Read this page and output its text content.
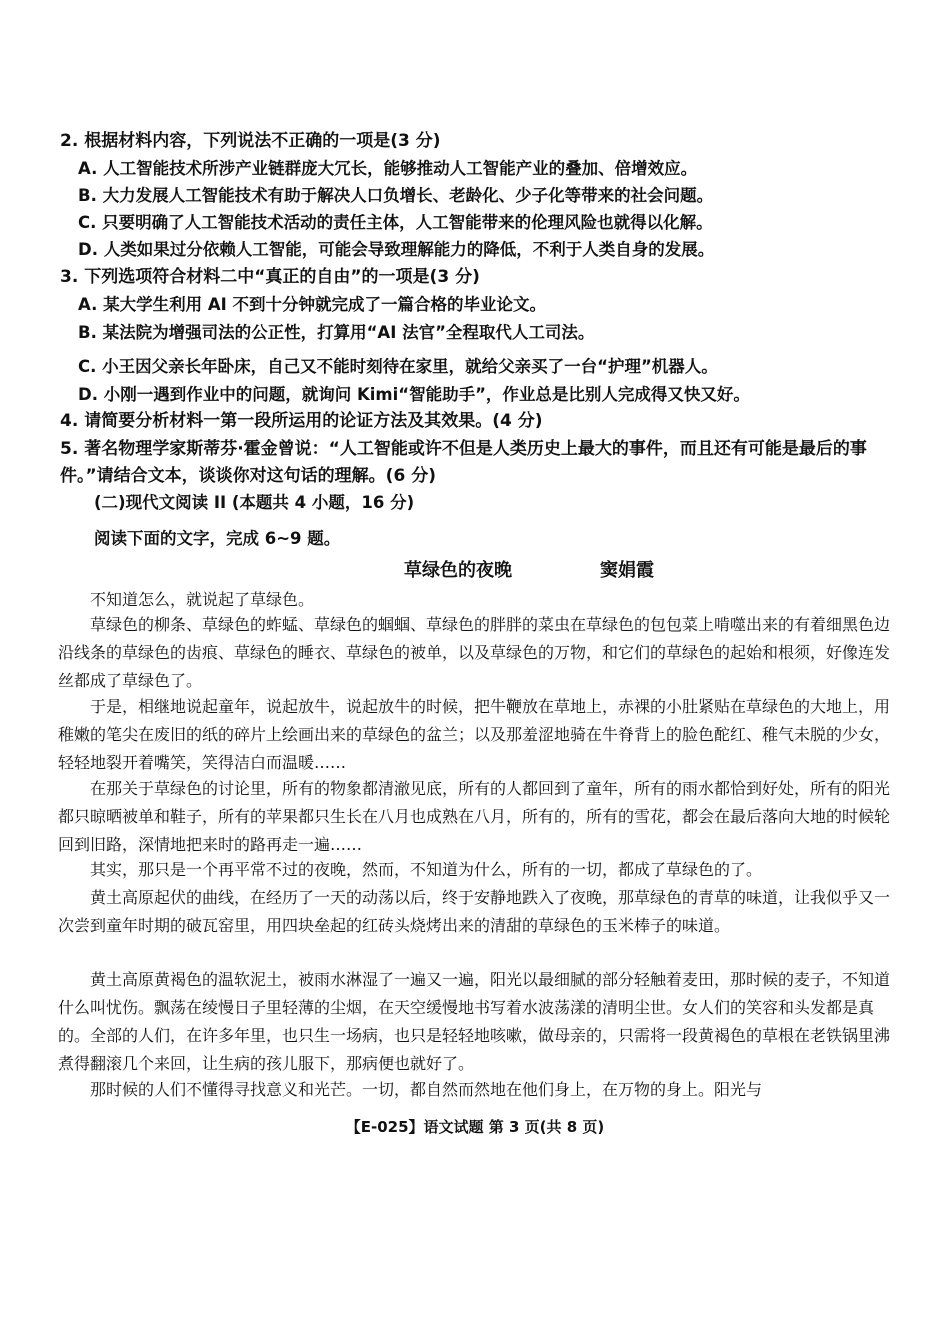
2. 根据材料内容，下列说法不正确的一项是(3 分)
A. 人工智能技术所涉产业链群庞大冗长，能够推动人工智能产业的叠加、倍增效应。
B. 大力发展人工智能技术有助于解决人口负增长、老龄化、少子化等带来的社会问题。
C. 只要明确了人工智能技术活动的责任主体，人工智能带来的伦理风险也就得以化解。
D. 人类如果过分依赖人工智能，可能会导致理解能力的降低，不利于人类自身的发展。
3. 下列选项符合材料二中“真正的自由”的一项是(3 分)
A. 某大学生利用 AI 不到十分钟就完成了一篇合格的毕业论文。
B. 某法院为增强司法的公正性，打算用“AI 法官”全程取代人工司法。
C. 小王因父亲长年卧床，自己又不能时刻待在家里，就给父亲买了一台“护理”机器人。
D. 小刚一遇到作业中的问题，就询问 Kimi“智能助手”，作业总是比别人完成得又快又好。
4. 请简要分析材料一第一段所运用的论证方法及其效果。(4 分)
5. 著名物理学家斯蒂芬·霍金曾说：“人工智能或许不但是人类历史上最大的事件，而且还有可能是最后的事件。”请结合文本，谈谈你对这句话的理解。(6 分)
(二)现代文阅读 II (本题共 4 小题，16 分)
阅读下面的文字，完成 6~9 题。
草绿色的夜晚	窦娟霞
不知道怎么，就说起了草绿色。
草绿色的柳条、草绿色的蚱蜢、草绿色的蝈蝈、草绿色的胖胖的菜虫在草绿色的包包菜上啃噬出来的有着细黑色边沿线条的草绿色的齿痕、草绿色的睡衣、草绿色的被单，以及草绿色的万物，和它们的草绿色的起始和根须，好像连发丝都成了草绿色了。
于是，相继地说起童年，说起放牛，说起放牛的时候，把牛鞭放在草地上，赤裸的小肚紧贴在草绿色的大地上，用稚嫩的笔尖在废旧的纸的碎片上绘画出来的草绿色的盆兰；以及那羞涩地骑在牛脊背上的脸色酡红、稚气未脱的少女，轻轻地裂开着嘴笑，笑得洁白而温暖……
在那关于草绿色的讨论里，所有的物象都清澈见底，所有的人都回到了童年，所有的雨水都恰到好处，所有的阳光都只晾晒被单和鞋子，所有的苹果都只生长在八月也成熟在八月，所有的，所有的雪花，都会在最后落向大地的时候轮回到旧路，深情地把来时的路再走一遍……
其实，那只是一个再平常不过的夜晚，然而，不知道为什么，所有的一切，都成了草绿色的了。
黄土高原起伏的曲线，在经历了一天的动荡以后，终于安静地跌入了夜晚，那草绿色的青草的味道，让我似乎又一次尝到童年时期的破瓦窑里，用四块垒起的红砖头烧烤出来的清甜的草绿色的玉米棒子的味道。
黄土高原黄褐色的温软泥土，被雨水淋湿了一遍又一遍，阳光以最细腻的部分轻触着麦田，那时候的麦子，不知道什么叫忧伤。飘荡在绫慢日子里轻薄的尘烟，在天空缓慢地书写着水波荡漾的清明尘世。女人们的笑容和头发都是真的。全部的人们，在许多年里，也只生一场病，也只是轻轻地咳嗽，做母亲的，只需将一段黄褐色的草根在老铁锅里沸煮得翻滚几个来回，让生病的孩儿服下，那病便也就好了。
那时候的人们不懂得寻找意义和光芒。一切，都自然而然地在他们身上，在万物的身上。阳光与
【E-025】语文试题 第 3 页(共 8 页)
